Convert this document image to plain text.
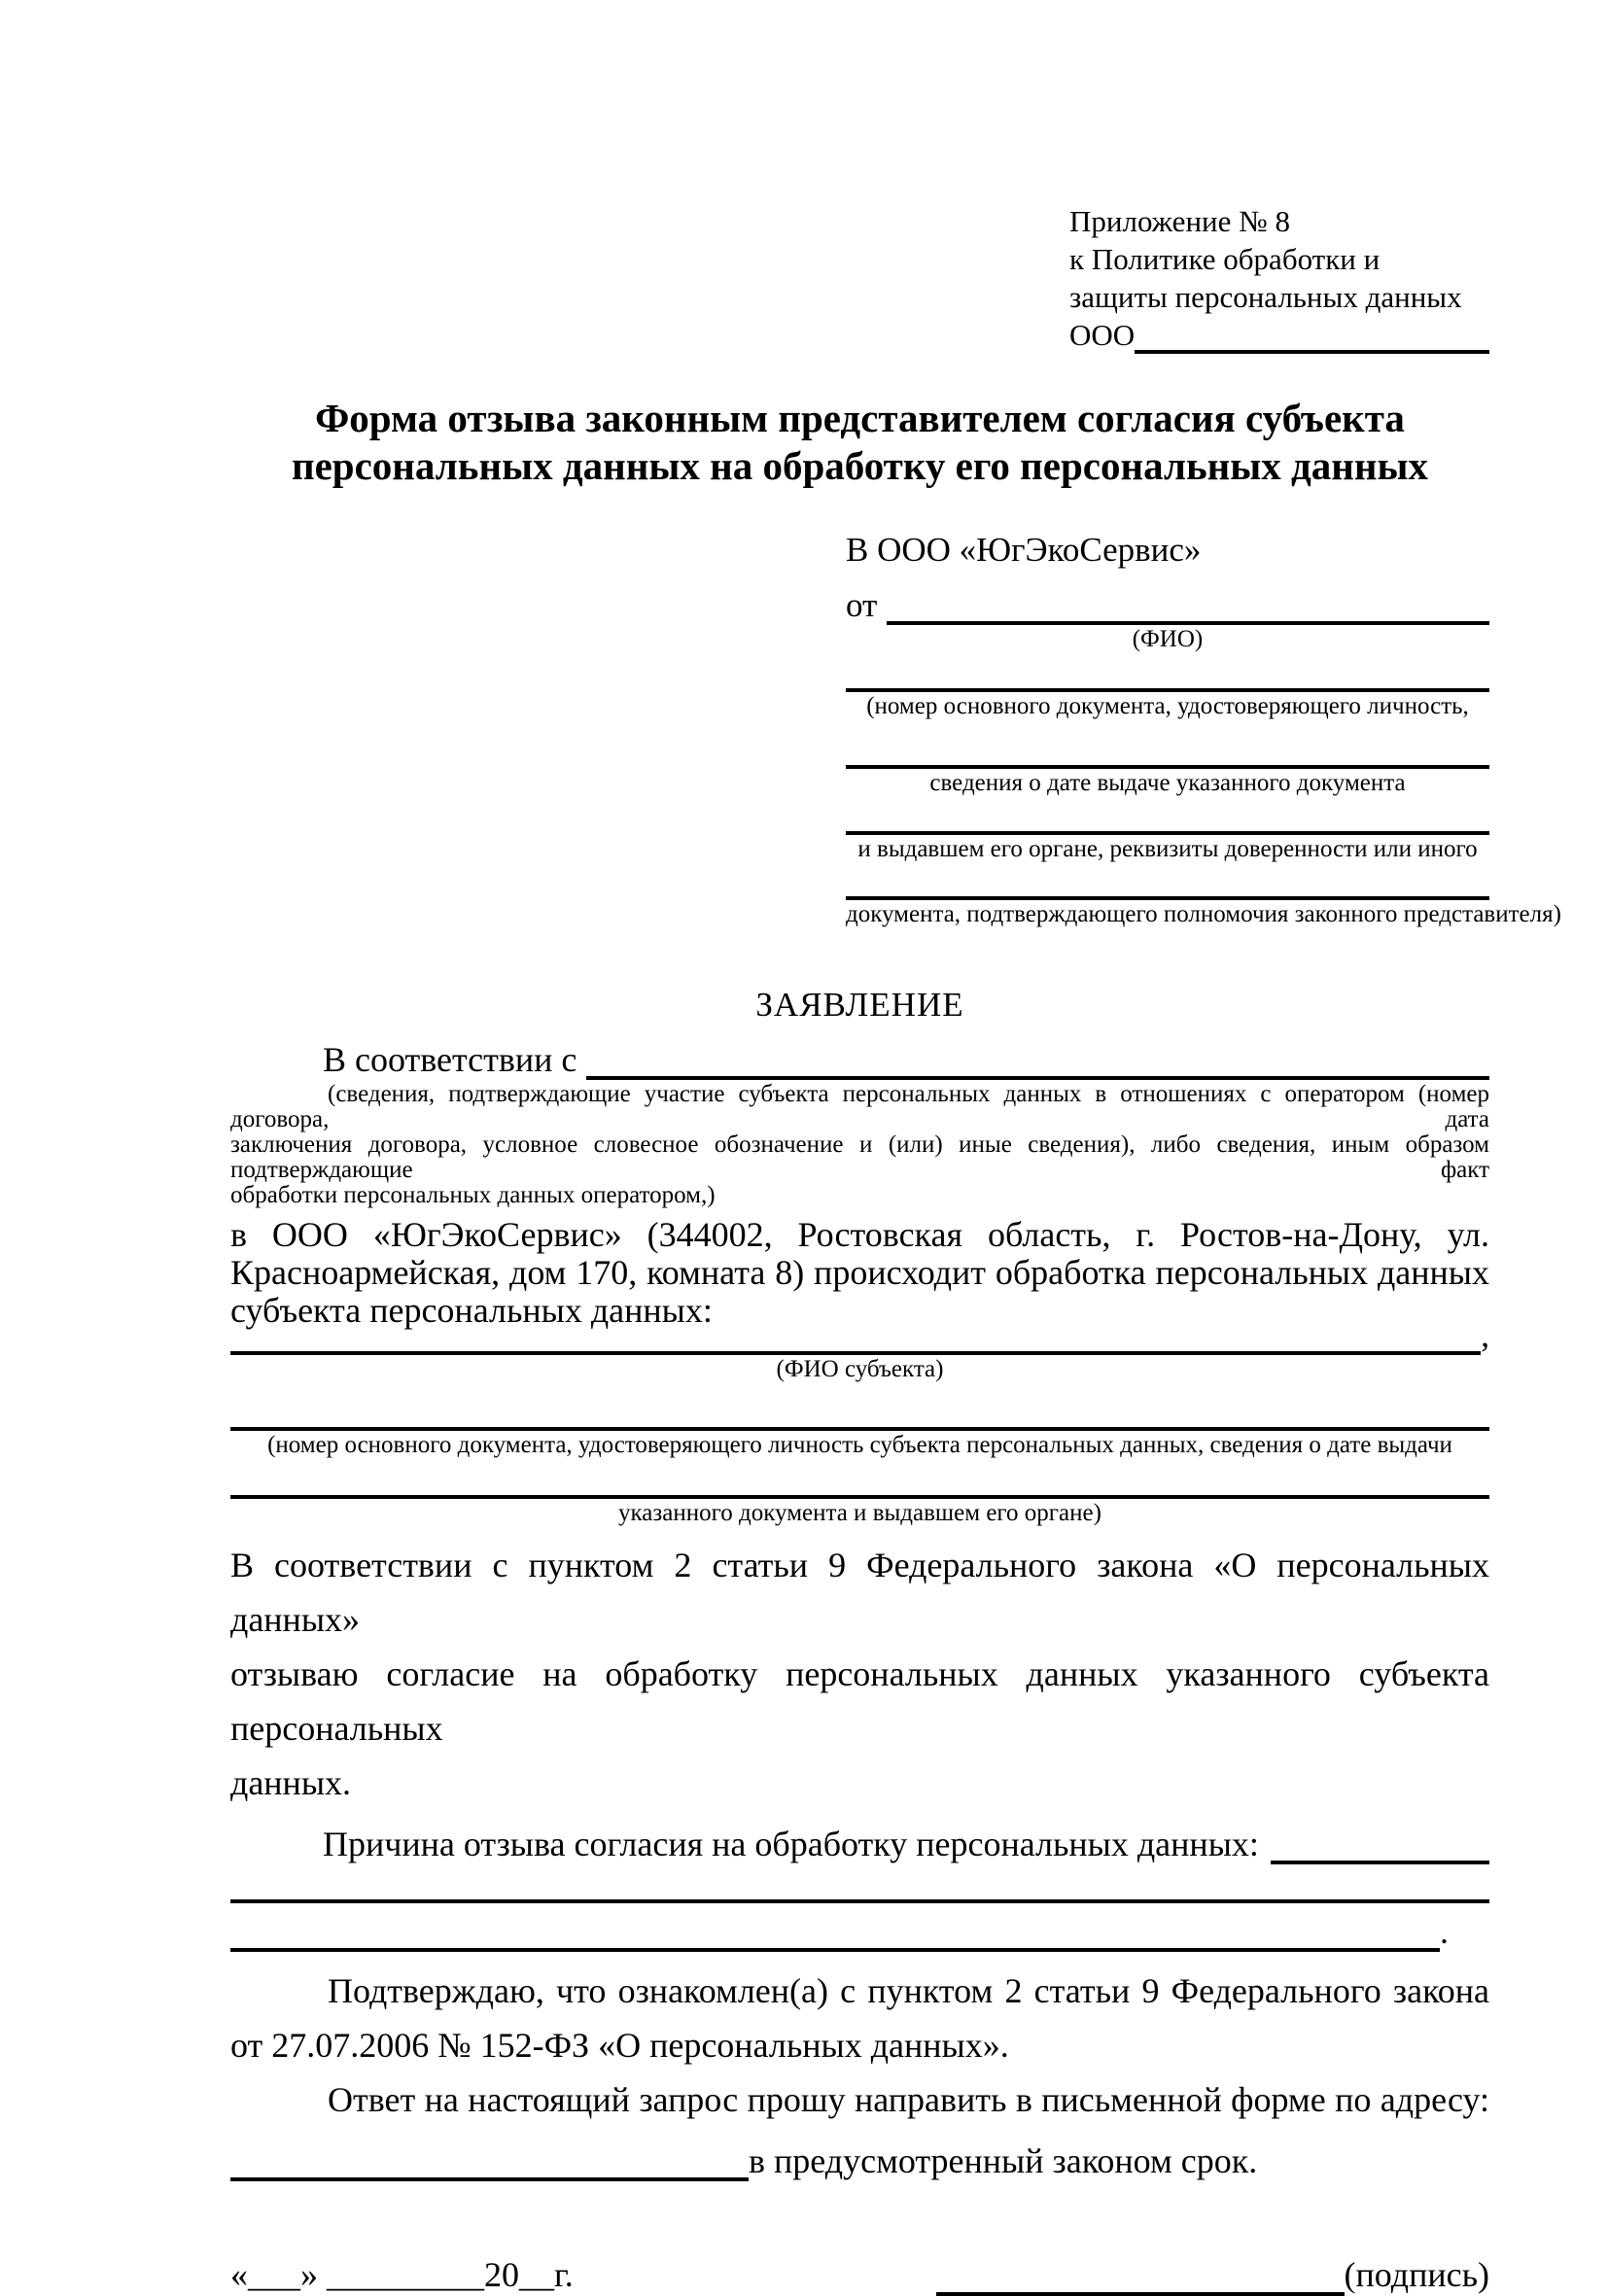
Приложение № 8
к Политике обработки и
защиты персональных данных
ООО
Форма отзыва законным представителем согласия субъекта
персональных данных на обработку его персональных данных
В ООО «ЮгЭкоСервис»
от
(ФИО)
(номер основного документа, удостоверяющего личность,
сведения о дате выдаче указанного документа
и выдавшем его органе, реквизиты доверенности или иного
документа, подтверждающего полномочия законного представителя)
ЗАЯВЛЕНИЕ
В соответствии с
(сведения, подтверждающие участие субъекта персональных данных в отношениях с оператором (номер договора, дата
заключения договора, условное словесное обозначение и (или) иные сведения), либо сведения, иным образом подтверждающие факт
обработки персональных данных оператором,)
в ООО «ЮгЭкоСервис» (344002, Ростовская область, г. Ростов-на-Дону, ул.
Красноармейская, дом 170, комната 8) происходит обработка персональных данных
субъекта персональных данных:
,
(ФИО субъекта)
(номер основного документа, удостоверяющего личность субъекта персональных данных, сведения о дате выдачи
указанного документа и выдавшем его органе)
В соответствии с пунктом 2 статьи 9 Федерального закона «О персональных данных»
отзываю согласие на обработку персональных данных указанного субъекта персональных
данных.
Причина отзыва согласия на обработку персональных данных:
.
Подтверждаю, что ознакомлен(а) с пунктом 2 статьи 9 Федерального закона
от 27.07.2006 № 152-ФЗ «О персональных данных».
Ответ на настоящий запрос прошу направить в письменной форме по адресу:
в предусмотренный законом срок.
«___» _________20__г.	(подпись)
